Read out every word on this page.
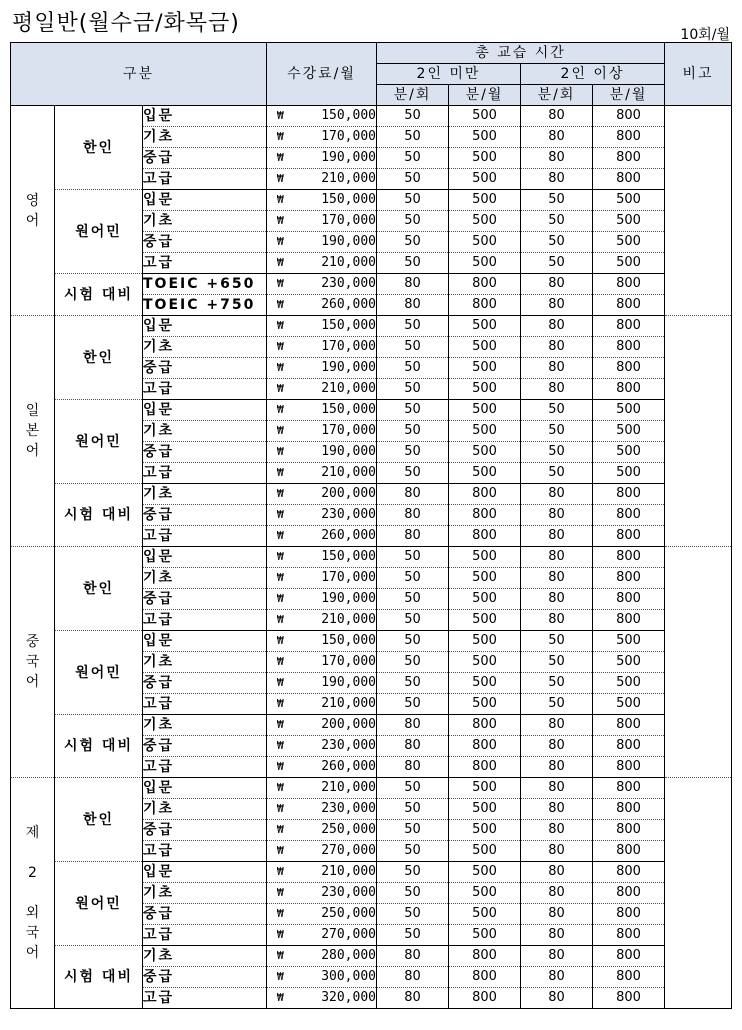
평일반(월수금/화목금)	10회/월
구분			수강료/월	총 교습 시간				비고
				2인 미만		2인 이상		
				분/회	분/월	분/회	분/월	
영
어	한인	입문	₩ 150,000	50	500	80	800	
		기초	₩ 170,000	50	500	80	800	
		중급	₩ 190,000	50	500	80	800	
		고급	₩ 210,000	50	500	80	800	
	원어민	입문	₩ 150,000	50	500	50	500	
		기초	₩ 170,000	50	500	50	500	
		중급	₩ 190,000	50	500	50	500	
		고급	₩ 210,000	50	500	50	500	
	시험 대비	TOEIC +650	₩ 230,000	80	800	80	800	
		TOEIC +750	₩ 260,000	80	800	80	800	
일
본
어	한인	입문	₩ 150,000	50	500	80	800	
		기초	₩ 170,000	50	500	80	800	
		중급	₩ 190,000	50	500	80	800	
		고급	₩ 210,000	50	500	80	800	
	원어민	입문	₩ 150,000	50	500	50	500	
		기초	₩ 170,000	50	500	50	500	
		중급	₩ 190,000	50	500	50	500	
		고급	₩ 210,000	50	500	50	500	
	시험 대비	기초	₩ 200,000	80	800	80	800	
		중급	₩ 230,000	80	800	80	800	
		고급	₩ 260,000	80	800	80	800	
중
국
어	한인	입문	₩ 150,000	50	500	80	800	
		기초	₩ 170,000	50	500	80	800	
		중급	₩ 190,000	50	500	80	800	
		고급	₩ 210,000	50	500	80	800	
	원어민	입문	₩ 150,000	50	500	50	500	
		기초	₩ 170,000	50	500	50	500	
		중급	₩ 190,000	50	500	50	500	
		고급	₩ 210,000	50	500	50	500	
	시험 대비	기초	₩ 200,000	80	800	80	800	
		중급	₩ 230,000	80	800	80	800	
		고급	₩ 260,000	80	800	80	800	
제

2

외
국
어	한인	입문	₩ 210,000	50	500	80	800	
		기초	₩ 230,000	50	500	80	800	
		중급	₩ 250,000	50	500	80	800	
		고급	₩ 270,000	50	500	80	800	
	원어민	입문	₩ 210,000	50	500	80	800	
		기초	₩ 230,000	50	500	80	800	
		중급	₩ 250,000	50	500	80	800	
		고급	₩ 270,000	50	500	80	800	
	시험 대비	기초	₩ 280,000	80	800	80	800	
		중급	₩ 300,000	80	800	80	800	
		고급	₩ 320,000	80	800	80	800	
